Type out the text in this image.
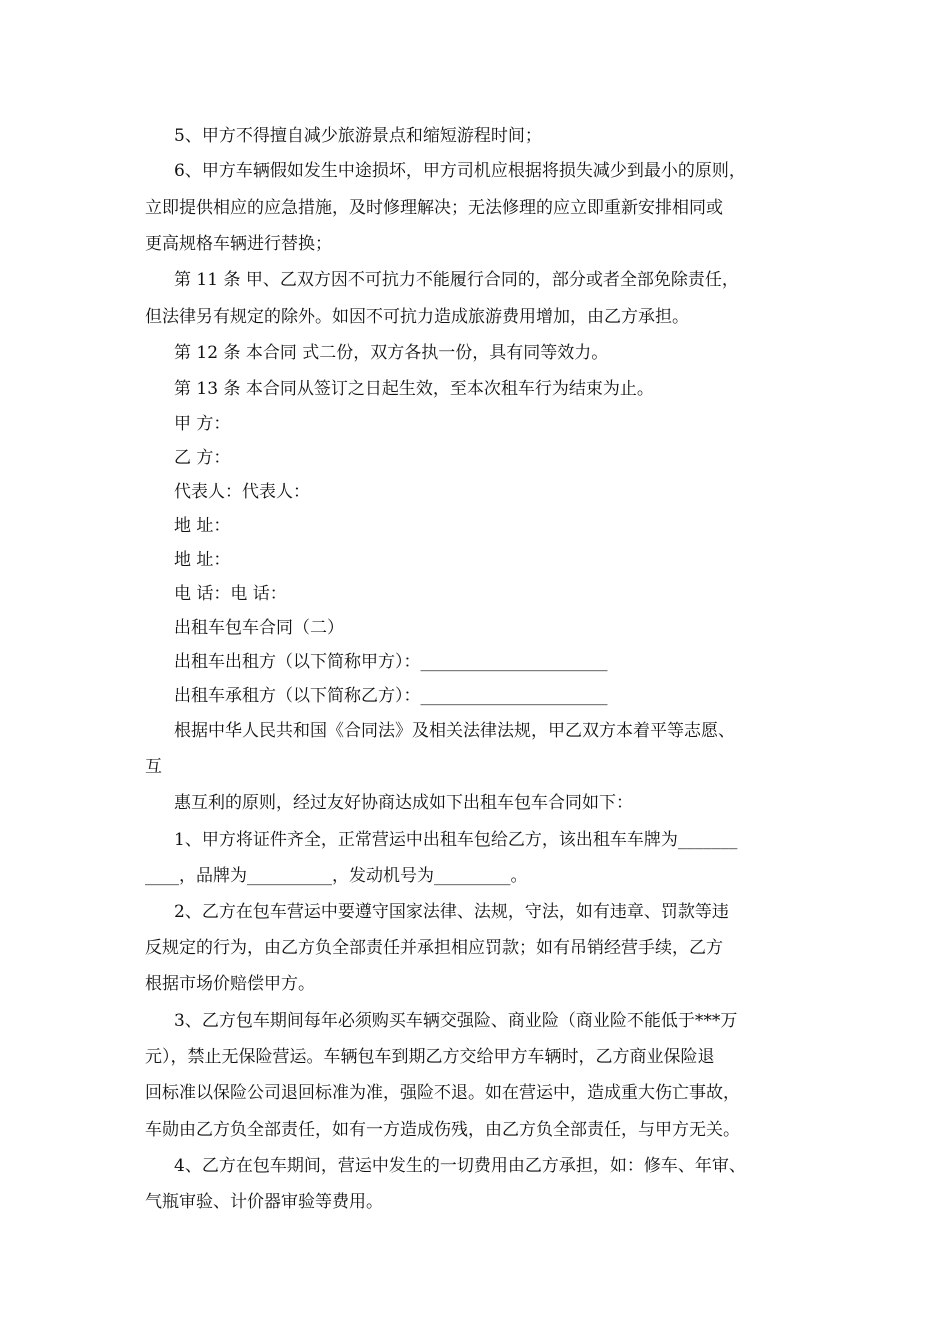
5、甲方不得擅自减少旅游景点和缩短游程时间；
6、甲方车辆假如发生中途损坏，甲方司机应根据将损失减少到最小的原则，
立即提供相应的应急措施，及时修理解决；无法修理的应立即重新安排相同或
更高规格车辆进行替换；
第 11 条 甲、乙双方因不可抗力不能履行合同的，部分或者全部免除责任，
但法律另有规定的除外。如因不可抗力造成旅游费用增加，由乙方承担。
第 12 条 本合同 式二份，双方各执一份，具有同等效力。
第 13 条 本合同从签订之日起生效，至本次租车行为结束为止。
甲 方：
乙 方：
代表人：代表人：
地 址：
地 址：
电 话：电 话：
出租车包车合同（二）
出租车出租方（以下简称甲方）：______________________
出租车承租方（以下简称乙方）：______________________
根据中华人民共和国《合同法》及相关法律法规，甲乙双方本着平等志愿、
互
惠互利的原则，经过友好协商达成如下出租车包车合同如下：
1、甲方将证件齐全，正常营运中出租车包给乙方，该出租车车牌为_______
____，品牌为__________，发动机号为_________。
2、乙方在包车营运中要遵守国家法律、法规，守法，如有违章、罚款等违
反规定的行为，由乙方负全部责任并承担相应罚款；如有吊销经营手续，乙方
根据市场价赔偿甲方。
3、乙方包车期间每年必须购买车辆交强险、商业险（商业险不能低于***万
元），禁止无保险营运。车辆包车到期乙方交给甲方车辆时，乙方商业保险退
回标准以保险公司退回标准为准，强险不退。如在营运中，造成重大伤亡事故，
车勋由乙方负全部责任，如有一方造成伤残，由乙方负全部责任，与甲方无关。
4、乙方在包车期间，营运中发生的一切费用由乙方承担，如：修车、年审、
气瓶审验、计价器审验等费用。
